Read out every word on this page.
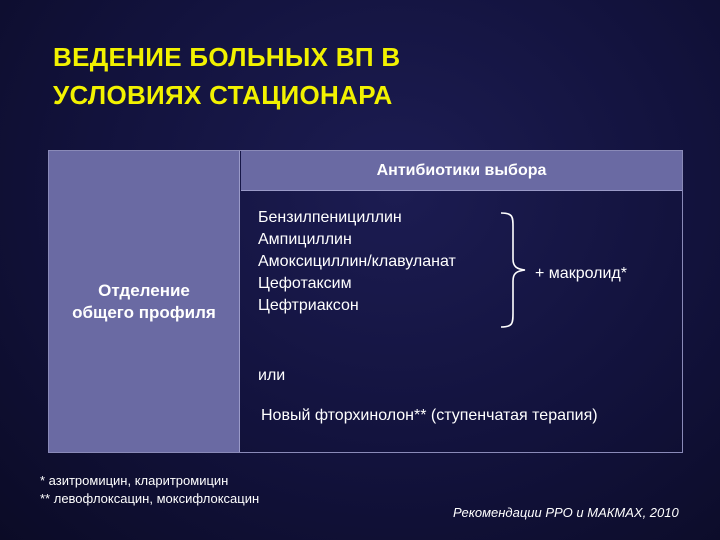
ВЕДЕНИЕ БОЛЬНЫХ ВП В
УСЛОВИЯХ СТАЦИОНАРА
Отделение
общего профиля
Антибиотики выбора
Бензилпенициллин
Ампициллин
Амоксициллин/клавуланат
Цефотаксим
Цефтриаксон
+ макролид*
или
Новый фторхинолон** (ступенчатая терапия)
* азитромицин, кларитромицин
** левофлоксацин, моксифлоксацин
Рекомендации РРО и МАКМАХ, 2010
